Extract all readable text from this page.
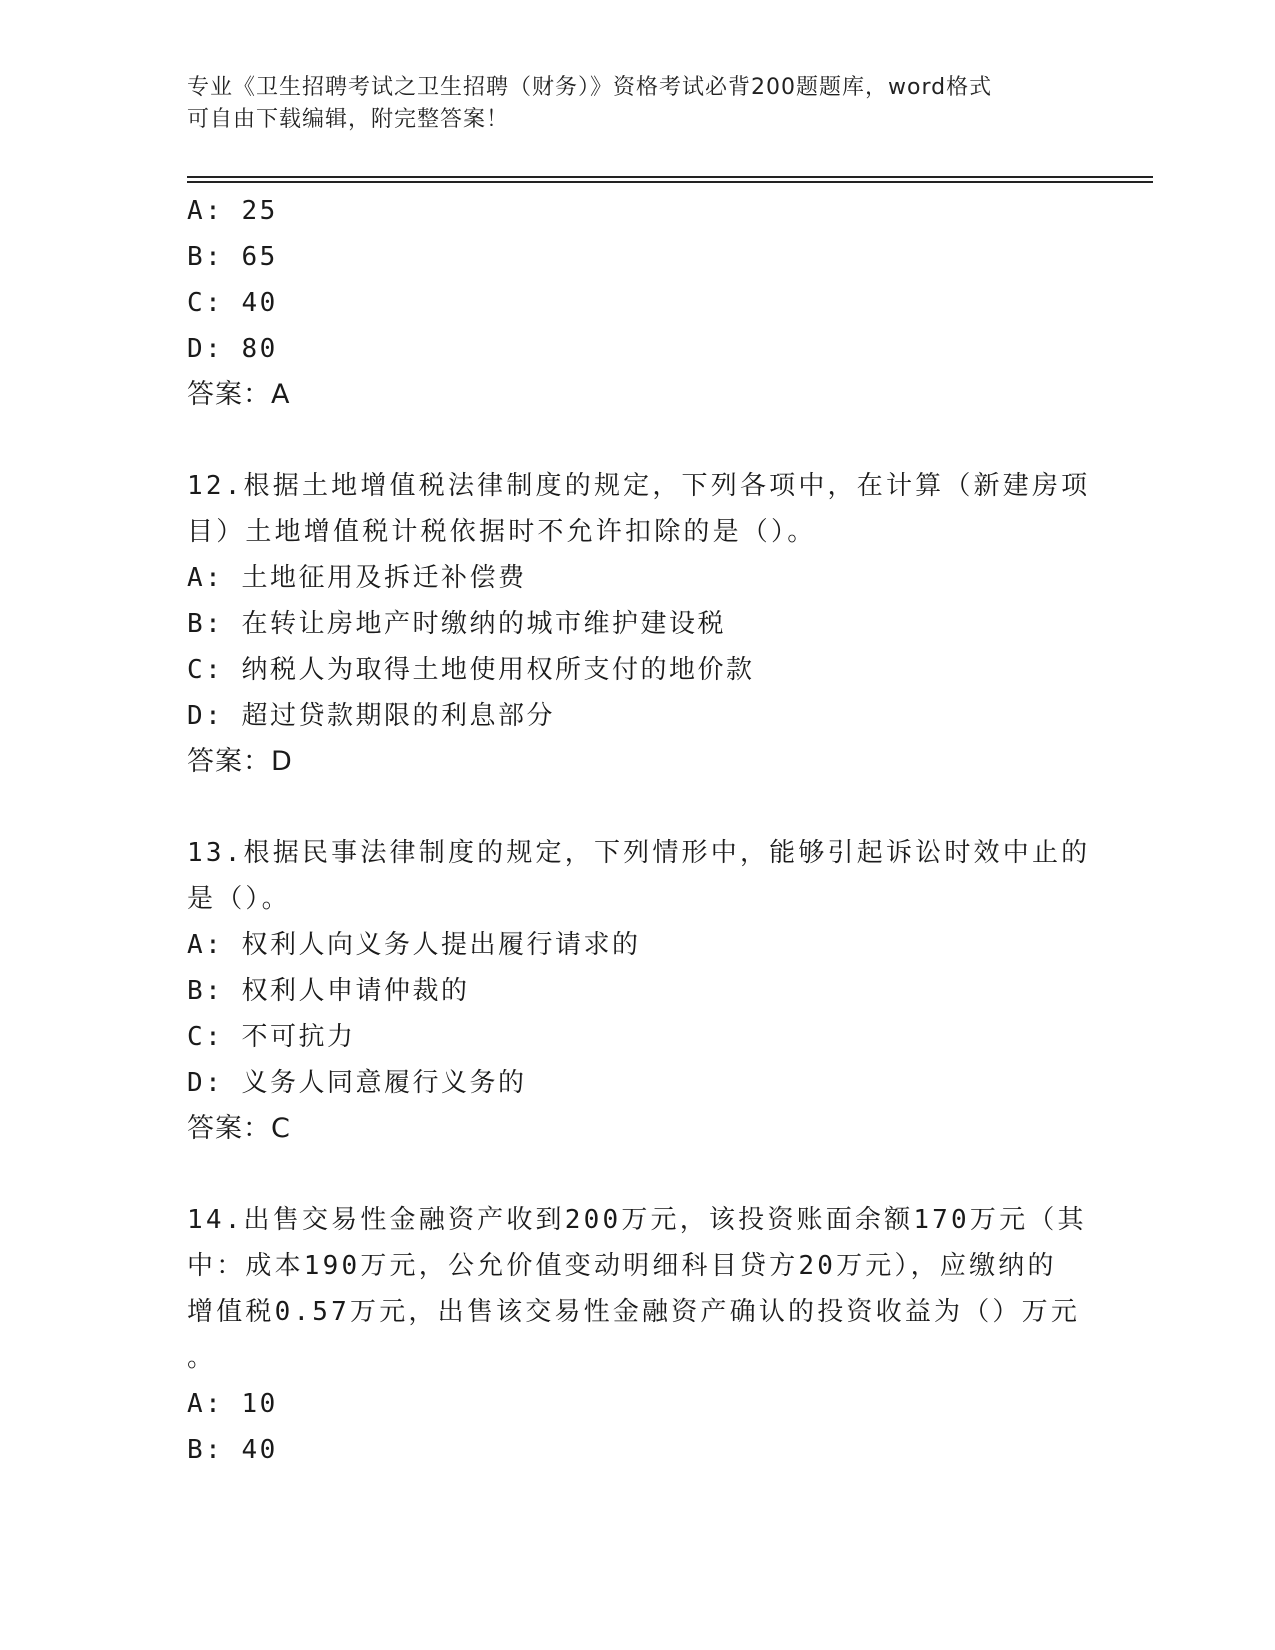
专业《卫生招聘考试之卫生招聘（财务）》资格考试必背200题题库，word格式
可自由下载编辑，附完整答案！
A: 25
B: 65
C: 40
D: 80
答案：A
12.根据土地增值税法律制度的规定，下列各项中，在计算（新建房项
目）土地增值税计税依据时不允许扣除的是（）。
A: 土地征用及拆迁补偿费
B: 在转让房地产时缴纳的城市维护建设税
C: 纳税人为取得土地使用权所支付的地价款
D: 超过贷款期限的利息部分
答案：D
13.根据民事法律制度的规定，下列情形中，能够引起诉讼时效中止的
是（）。
A: 权利人向义务人提出履行请求的
B: 权利人申请仲裁的
C: 不可抗力
D: 义务人同意履行义务的
答案：C
14.出售交易性金融资产收到200万元，该投资账面余额170万元（其
中：成本190万元，公允价值变动明细科目贷方20万元），应缴纳的
增值税0.57万元，出售该交易性金融资产确认的投资收益为（）万元
。
A: 10
B: 40
